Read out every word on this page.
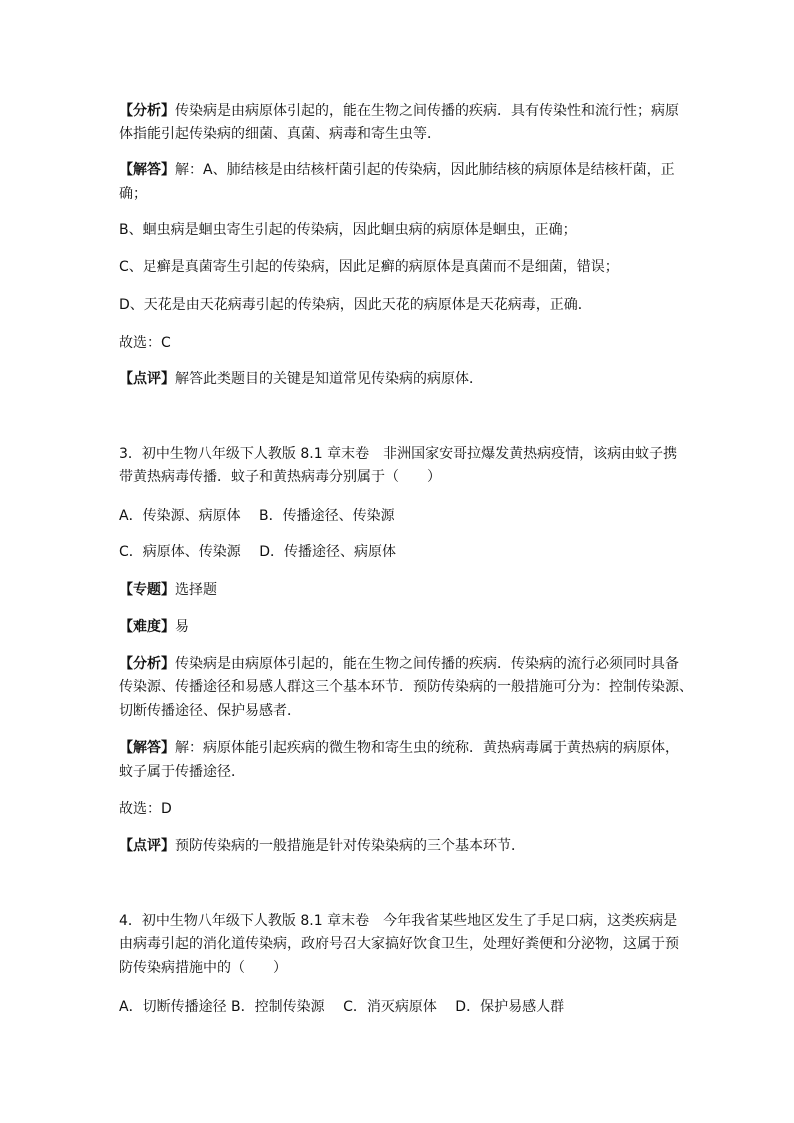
【分析】传染病是由病原体引起的，能在生物之间传播的疾病．具有传染性和流行性；病原
体指能引起传染病的细菌、真菌、病毒和寄生虫等．
【解答】解：A、肺结核是由结核杆菌引起的传染病，因此肺结核的病原体是结核杆菌，正
确；
B、蛔虫病是蛔虫寄生引起的传染病，因此蛔虫病的病原体是蛔虫，正确；
C、足癣是真菌寄生引起的传染病，因此足癣的病原体是真菌而不是细菌，错误；
D、天花是由天花病毒引起的传染病，因此天花的病原体是天花病毒，正确．
故选：C
【点评】解答此类题目的关键是知道常见传染病的病原体．
3．初中生物八年级下人教版 8.1 章末卷　非洲国家安哥拉爆发黄热病疫情，该病由蚊子携
带黄热病毒传播．蚊子和黄热病毒分别属于（　　）
A．传染源、病原体　 B．传播途径、传染源
C．病原体、传染源　 D．传播途径、病原体
【专题】选择题
【难度】易
【分析】传染病是由病原体引起的，能在生物之间传播的疾病．传染病的流行必须同时具备
传染源、传播途径和易感人群这三个基本环节．预防传染病的一般措施可分为：控制传染源、
切断传播途径、保护易感者．
【解答】解：病原体能引起疾病的微生物和寄生虫的统称．黄热病毒属于黄热病的病原体，
蚊子属于传播途径．
故选：D
【点评】预防传染病的一般措施是针对传染染病的三个基本环节．
4．初中生物八年级下人教版 8.1 章末卷　今年我省某些地区发生了手足口病，这类疾病是
由病毒引起的消化道传染病，政府号召大家搞好饮食卫生，处理好粪便和分泌物，这属于预
防传染病措施中的（　　）
A．切断传播途径 B．控制传染源　 C．消灭病原体　 D．保护易感人群
